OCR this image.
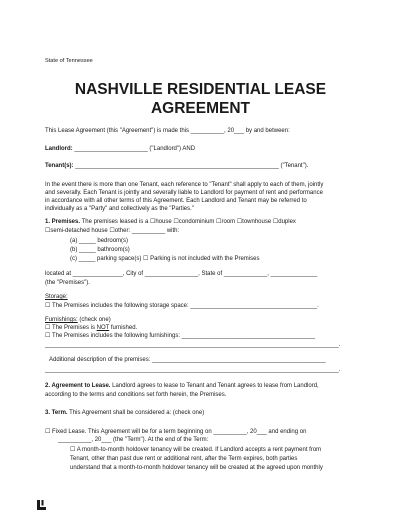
State of Tennessee
NASHVILLE RESIDENTIAL LEASE
AGREEMENT
This Lease Agreement (this "Agreement") is made this __________, 20___ by and between:
Landlord: ______________________ ("Landlord") AND
Tenant(s): _____________________________________________________________ ("Tenant").
In the event there is more than one Tenant, each reference to "Tenant" shall apply to each of them, jointly
and severally. Each Tenant is jointly and severally liable to Landlord for payment of rent and performance
in accordance with all other terms of this Agreement. Each Landlord and Tenant may be referred to
individually as a "Party" and collectively as the "Parties."
1. Premises. The premises leased is a ☐house ☐condominium ☐room ☐townhouse ☐duplex
☐semi-detached house ☐other: __________ with:
(a) _____ bedroom(s)
(b) _____ bathroom(s)
(c) _____ parking space(s) ☐ Parking is not included with the Premises
located at _______________, City of ________________, State of _____________, ______________
(the "Premises").
Storage:
☐ The Premises includes the following storage space: ______________________________________.
Furnishings: (check one)
☐ The Premises is NOT furnished.
☐ The Premises includes the following furnishings: ________________________________________
________________________________________________________________________________________.
Additional description of the premises: ____________________________________________________
________________________________________________________________________________________.
2. Agreement to Lease. Landlord agrees to lease to Tenant and Tenant agrees to lease from Landlord,
according to the terms and conditions set forth herein, the Premises.
3. Term. This Agreement shall be considered a: (check one)
☐ Fixed Lease. This Agreement will be for a term beginning on __________, 20___ and ending on
__________, 20___ (the "Term"). At the end of the Term:
☐ A month-to-month holdover tenancy will be created. If Landlord accepts a rent payment from
Tenant, other than past due rent or additional rent, after the Term expires, both parties
understand that a month-to-month holdover tenancy will be created at the agreed upon monthly
